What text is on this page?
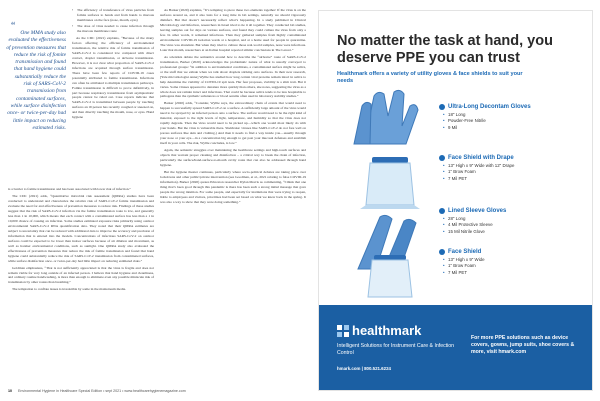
“
One MMA study also evaluated the effectiveness of prevention measures that reduce the risk of fomite transmission and found that hand hygiene could substantially reduce the risk of SARS-CoV-2 transmission from contaminated surfaces, while surface disinfection once- or twice-per-day had little impact on reducing estimated risks.
• The efficiency of transference of virus particles from fomite surfaces to hands and from hands to mucous membranes on the face (nose, mouth, eyes)
• The dose of virus needed to cause infection through the mucous membrane route

As the CDC (2021) explains, “Because of the many factors affecting the efficiency of environmental transmission, the relative risk of fomite transmission of SARS-CoV-2 is considered low compared with direct contact, droplet transmission, or airborne transmission. However, it is not clear what proportion of SARS-CoV-2 infections are acquired through surface transmission. There have been few reports of COVID-19 cases potentially attributed to fomite transmission. Infections can often be attributed to multiple transmission pathways. Fomite transmission is difficult to prove definitively, in part because respiratory transmission from asymptomatic people cannot be ruled out. Case reports indicate that SARS-CoV-2 is transmitted between people by touching surfaces an ill person has recently coughed or sneezed on, and then directly touching the mouth, nose, or eyes. Hand hygiene

is a barrier to fomite transmission and has been associated with lower risk of infection.”

The CDC (2021) adds, “Quantitative microbial risk assessment (QMRA) studies have been conducted to understand and characterize the relative risk of SARS-CoV-2 fomite transmission and evaluate the need for and effectiveness of prevention measures to reduce risk. Findings of these studies suggest that the risk of SARS-CoV-2 infection via the fomite transmission route is low, and generally less than 1 in 10,000, which means that each contact with a contaminated surface has less than a 1 in 10,000 chance of causing an infection. Some studies estimated exposure risks primarily using outdoor environmental SARS-CoV-2 RNA quantification data. They noted that their QMRA estimates are subject to uncertainty that can be reduced with additional data to improve the accuracy and precision of information that is entered into the models. Concentrations of infectious SARS-CoV-2 on outdoor surfaces could be expected to be lower than indoor surfaces because of air dilution and movement, as well as harsher environmental conditions, such as sunlight. One QMRA study also evaluated the effectiveness of prevention measures that reduce the risk of fomite transmission and found that hand hygiene could substantially reduce the risk of SARS-CoV-2 transmission from contaminated surfaces, while surface disinfection once- or twice-per-day had little impact on reducing estimated risks.”

Goldman emphasizes, “That is not sufficiently appreciated is that the virus is fragile and does not remain viable for very long outside of an infected person. I believe that hand hygiene and cleanliness, and ordinary routine handwashing, is more than enough to eliminate even any possible miniscule risk of transmission by other routes than breathing.”

The temptation to conflate issues is irresistible by some in the mainstream media.

As Barker (2020) explains, “It’s tempting to piece these two elements together: If the virus is on the surfaces around us, and it also lasts for a long time in lab settings, naturally we should vigorously disinfect. But that doesn’t necessarily reflect what’s happening. In a study published in Clinical Microbiology and Infection, researchers in Israel tried to tie it all together. They conducted lab studies, leaving samples out for days on various surfaces, and found they could culture the virus from only a few. In other words, it remained infectious. Then they gathered samples from highly contaminated environments: COVID-19 isolation wards at a hospital, and at a home used for people in quarantine. The virus was abundant. But when they tried to culture those real-world samples, none were infectious. Later that month, researchers at an Italian hospital reported similar conclusions in The Lancet.”

As scientists debate the semantics around how to describe the “airborne” route of SARS-CoV-2 transmission, Barker (2020) acknowledges the problematic nature of what is usually conveyed to professional groups: “In addition to environmental conditions, a contaminated surface might be saliva, or the stuff that we exhale when we talk about droplets sticking onto surfaces. In their new research, [Yale microbiologist Anna] Wyllie has studied how long certain viral proteins remain intact in saliva to help determine the viability of COVID-19 spit tests. Her fear proposes, viability is a slim trait. But it varies. Some viruses appeared to denature more quickly than others, she notes, suggesting the virus as a whole does not remain intact and infectious. That could be because saliva tends to be less hospitable to pathogens than the synthetic substances or blood serums often used in laboratory stability studies.”

Barker (2020) adds, “Consider, Wyllie says, the extraordinary chain of events that would need to happen to successfully spread SARS-CoV-2 on a surface. A sufficiently large amount of the virus would need to be sprayed by an infected person onto a surface. The surface would need to be the right kind of material, exposed to the right levels of light, temperature, and humidity so that the virus does not rapidly degrade. Then the virus would need to be picked up—which one would most likely do with your hands. But the virus is vulnerable there. Sheldrake: viruses like SARS-CoV-2 do not fare well on porous surfaces like skin and clothing.) And then it needs to find a way inside you—usually through your nose or your eye—in a concentration big enough to get past your mucosal defenses and establish itself in your cells. The risk, Wyllie concludes, is low.”

Again, the semantic struggles over maintaining the healthcare settings and high-touch surfaces and objects that warrant proper cleaning and disinfection – a critical way to break the chain of infection, particularly the surface/hand-surface-to-mouth cavity route that can also be addressed through hand hygiene.

But the hygiene theater continues, particularly where socio-political debates are taking place over lockdowns and other public/private intervention (see Goodman, et al., 2021 relating to false COVID-19 information). Barker (2020) quotes Princeton researcher Dylan Morris as commenting, “I think that one thing that’s been good through this pandemic is there has been such a strong initial message that gave people the wrong intuition. For some people, and especially for institutions that were trying to reopen, liable to employees and visitors, prioritizes had been set based on what we knew back in the spring. It was also a way to show that they were doing something.”

10 Environmental Hygiene in Healthcare Special Edition • sept 2021 • www.healthcarehygienemagazine.com
No matter the task at hand, you deserve PPE you can trust
Healthmark offers a variety of utility gloves & face shields to suit your needs
Ultra-Long Decontam Gloves
• 18" Long
• Powder-Free Nitrile
• 9 Mil
Face Shield with Drape
• 13" High x 9" Wide with 12" Drape
• 1" Brow Foam
• 7 Mil PET
Lined Sleeve Gloves
• 28" Long
• 4 Mil Protective Sleeve
• 15 Mil Nitrile Glove
Face Shield
• 13" High x 9" Wide
• 1" Brow Foam
• 7 Mil PET
healthmark
Intelligent Solutions for Instrument Care & Infection Control
hmark.com | 800.521.6224
For more PPE solutions such as device covers, gowns, jump suits, shoe covers & more, visit hmark.com
